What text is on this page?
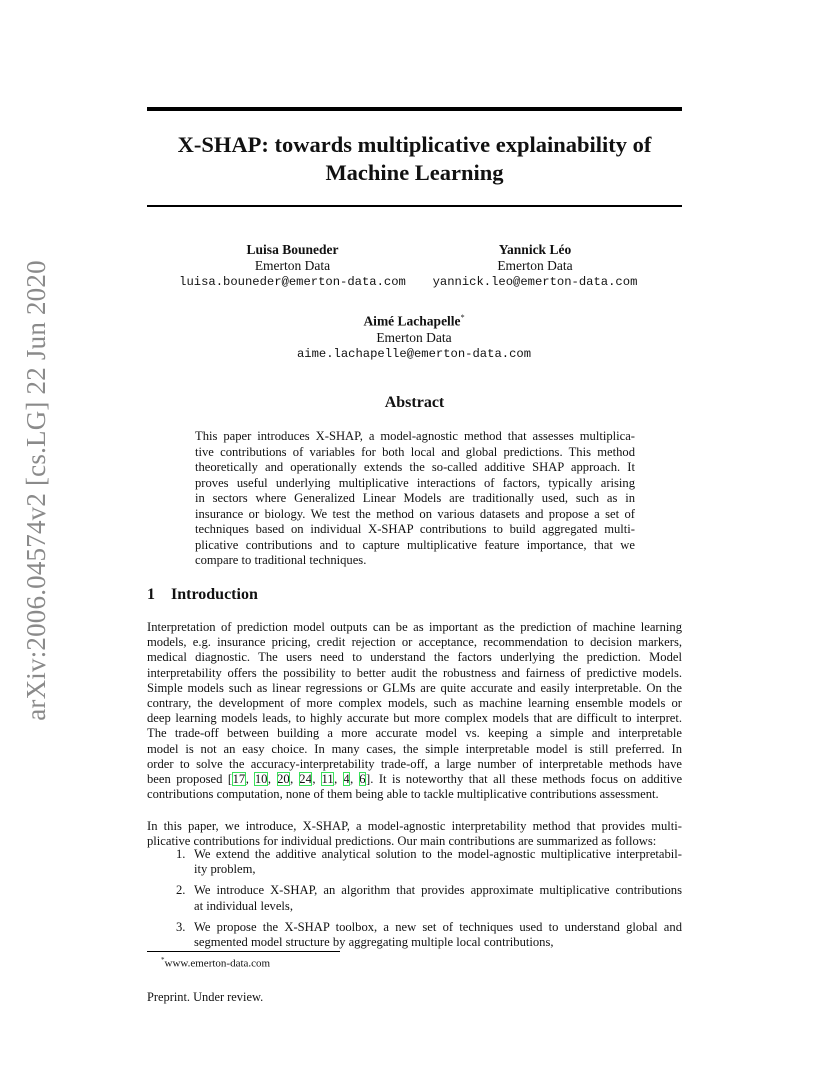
arXiv:2006.04574v2 [cs.LG] 22 Jun 2020
X-SHAP: towards multiplicative explainability of
Machine Learning
Luisa Bouneder
Emerton Data
luisa.bouneder@emerton-data.com
Yannick Léo
Emerton Data
yannick.leo@emerton-data.com
Aimé Lachapelle*
Emerton Data
aime.lachapelle@emerton-data.com
Abstract
This paper introduces X-SHAP, a model-agnostic method that assesses multiplica-
tive contributions of variables for both local and global predictions. This method
theoretically and operationally extends the so-called additive SHAP approach. It
proves useful underlying multiplicative interactions of factors, typically arising
in sectors where Generalized Linear Models are traditionally used, such as in
insurance or biology. We test the method on various datasets and propose a set of
techniques based on individual X-SHAP contributions to build aggregated multi-
plicative contributions and to capture multiplicative feature importance, that we
compare to traditional techniques.
1 Introduction
Interpretation of prediction model outputs can be as important as the prediction of machine learning
models, e.g. insurance pricing, credit rejection or acceptance, recommendation to decision markers,
medical diagnostic. The users need to understand the factors underlying the prediction. Model
interpretability offers the possibility to better audit the robustness and fairness of predictive models.
Simple models such as linear regressions or GLMs are quite accurate and easily interpretable. On the
contrary, the development of more complex models, such as machine learning ensemble models or
deep learning models leads, to highly accurate but more complex models that are difficult to interpret.
The trade-off between building a more accurate model vs. keeping a simple and interpretable
model is not an easy choice. In many cases, the simple interpretable model is still preferred. In
order to solve the accuracy-interpretability trade-off, a large number of interpretable methods have
been proposed [17, 10, 20, 24, 11, 4, 6]. It is noteworthy that all these methods focus on additive
contributions computation, none of them being able to tackle multiplicative contributions assessment.
In this paper, we introduce, X-SHAP, a model-agnostic interpretability method that provides multi-
plicative contributions for individual predictions. Our main contributions are summarized as follows:
1. We extend the additive analytical solution to the model-agnostic multiplicative interpretabil-
ity problem,
2. We introduce X-SHAP, an algorithm that provides approximate multiplicative contributions
at individual levels,
3. We propose the X-SHAP toolbox, a new set of techniques used to understand global and
segmented model structure by aggregating multiple local contributions,
*www.emerton-data.com
Preprint. Under review.
